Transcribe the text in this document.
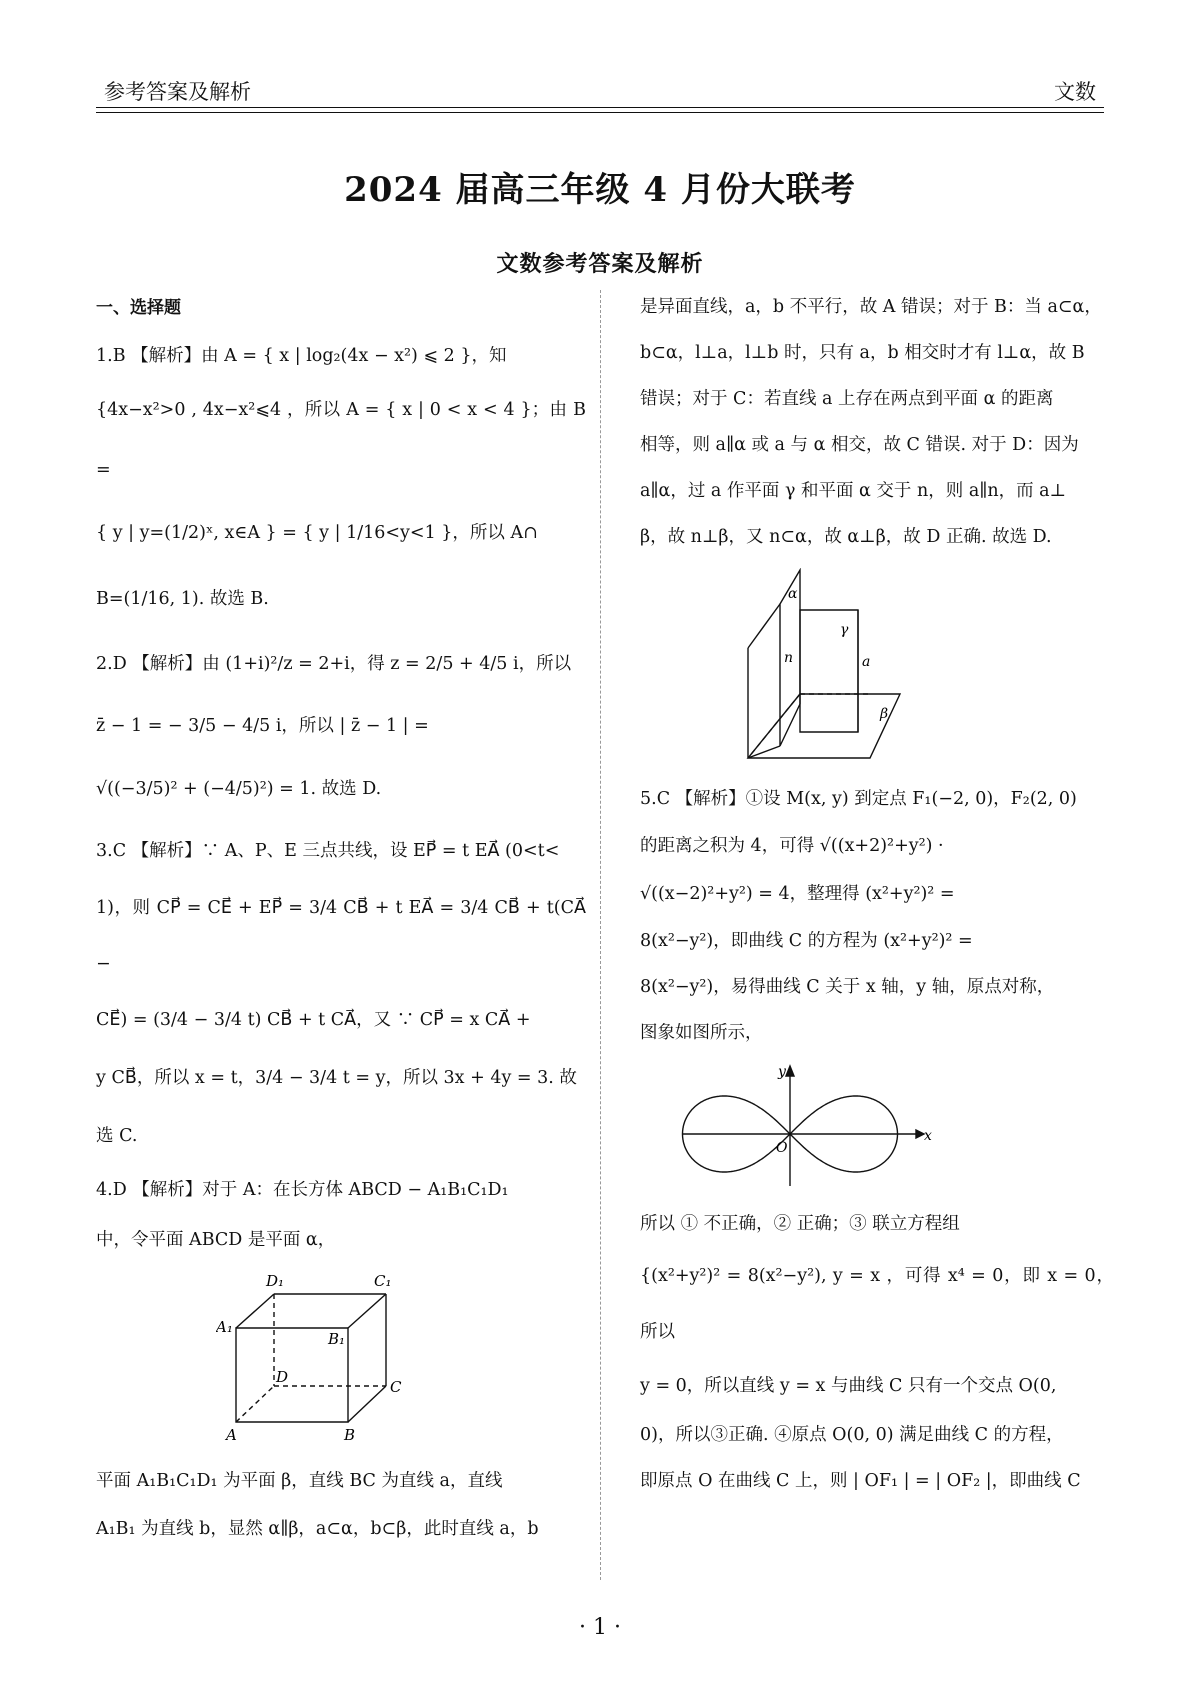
参考答案及解析	文数
2024 届高三年级 4 月份大联考
文数参考答案及解析

一、选择题

1.B 【解析】由 A = { x | log₂(4x − x²) ⩽ 2 }，知

{4x−x²>0 , 4x−x²⩽4 ，所以 A = { x | 0 < x < 4 }；由 B =

{ y | y=(1/2)ˣ, x∈A } = { y | 1/16<y<1 }，所以 A∩

B=(1/16, 1). 故选 B.

2.D 【解析】由 (1+i)²/z = 2+i，得 z = 2/5 + 4/5 i，所以

z̄ − 1 = − 3/5 − 4/5 i，所以 | z̄ − 1 | =

√((−3/5)² + (−4/5)²) = 1. 故选 D.

3.C 【解析】∵ A、P、E 三点共线，设 EP⃗ = t EA⃗ (0<t<

1)，则 CP⃗ = CE⃗ + EP⃗ = 3/4 CB⃗ + t EA⃗ = 3/4 CB⃗ + t(CA⃗ −

CE⃗) = (3/4 − 3/4 t) CB⃗ + t CA⃗，又 ∵ CP⃗ = x CA⃗ +

y CB⃗，所以 x = t，3/4 − 3/4 t = y，所以 3x + 4y = 3. 故

选 C.

4.D 【解析】对于 A：在长方体 ABCD − A₁B₁C₁D₁

中，令平面 ABCD 是平面 α，

D₁	C₁
A₁
B₁
D
C
A	B

平面 A₁B₁C₁D₁ 为平面 β，直线 BC 为直线 a，直线

A₁B₁ 为直线 b，显然 α∥β，a⊂α，b⊂β，此时直线 a，b

是异面直线，a，b 不平行，故 A 错误；对于 B：当 a⊂α，

b⊂α，l⊥a，l⊥b 时，只有 a，b 相交时才有 l⊥α，故 B

错误；对于 C：若直线 a 上存在两点到平面 α 的距离

相等，则 a∥α 或 a 与 α 相交，故 C 错误. 对于 D：因为

a∥α，过 a 作平面 γ 和平面 α 交于 n，则 a∥n，而 a⊥

β，故 n⊥β，又 n⊂α，故 α⊥β，故 D 正确. 故选 D.

α
γ
n	a
β

5.C 【解析】①设 M(x, y) 到定点 F₁(−2, 0)，F₂(2, 0)

的距离之积为 4，可得 √((x+2)²+y²) ·

√((x−2)²+y²) = 4，整理得 (x²+y²)² =

8(x²−y²)，即曲线 C 的方程为 (x²+y²)² =

8(x²−y²)，易得曲线 C 关于 x 轴，y 轴，原点对称，

图象如图所示，

y
x
O

所以 ① 不正确，② 正确；③ 联立方程组

{(x²+y²)² = 8(x²−y²), y = x ，可得 x⁴ = 0，即 x = 0，所以

y = 0，所以直线 y = x 与曲线 C 只有一个交点 O(0,

0)，所以③正确. ④原点 O(0, 0) 满足曲线 C 的方程，

即原点 O 在曲线 C 上，则 | OF₁ | = | OF₂ |，即曲线 C

· 1 ·
